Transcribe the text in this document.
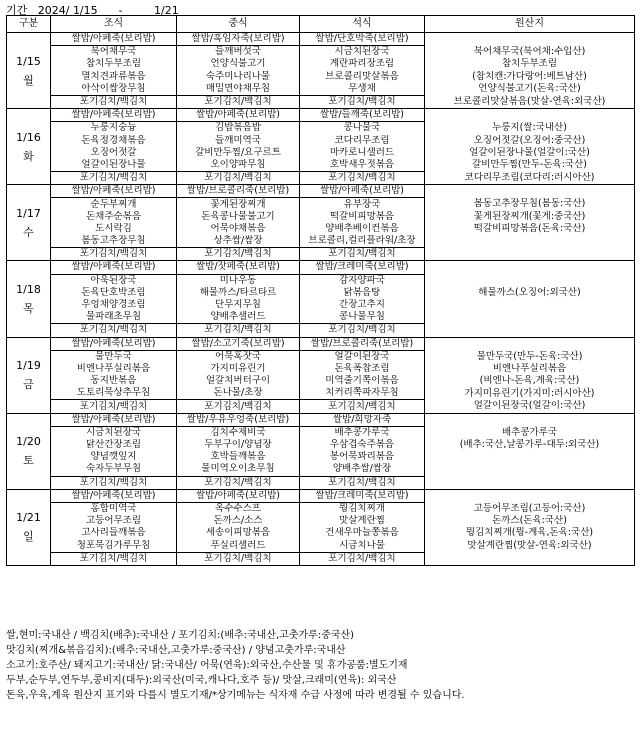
기간   2024/ 1/15      -         1/21
구분	조식	중식	석식	원산지
1/15
월	쌀밥/아페죽(보리밥)	쌀밥/흑임자죽(보리밥)	쌀밥/단호박죽(보리밥)	
	북어채무국	들깨버섯국	시금치된장국	북어채무국(북어채:수입산)
	참치두부조림	언양식불고기	계란파리장조림	참치두부조림
	멸치견과류볶음	숙주미나리나물	브로콜리맛살볶음	(참치캔:가다랑어:베트남산)
	아삭이쌈장무침	매밀면야채무침	무생채	언양식불고기(돈육:국산)
	포기김치/백김치	포기김치/백김치	포기김치/백김치	브로콜리맛살볶음(맛살-연육:외국산)
1/16
화	쌀밥/아페죽(보리밥)	쌀밥/아페죽(보리밥)	쌀밥/들깨죽(보리밥)	
	누룽지숭늉	김밥볶음밥	콩나물국	누룽지(쌀:국내산)
	돈육정경채볶음	들깨미역국	코다리무조림	오징어젓갈(오징어:중국산)
	오징어젓갈	갈비만두찜/요구르트	마카로니샐러드	얼갈이된장나물(얼갈이:국산)
	얼갈이된장나물	오이양파무침	호박새우젓볶음	갈비만두찜(만두-돈육:국산)
	포기김치/백김치	포기김치/백김치	포기김치/백김치	코다리무조림(코다리:러시아산)
1/17
수	쌀밥/아페죽(보리밥)	쌀밥/브로콜리죽(보리밥)	쌀밥/아페죽(보리밥)	
	순두부찌개	꽃게된장찌개	유부장국	봄동고추장무침(봄동:국산)
	돈채주순볶음	돈육콩나물불고기	떡갈비피망볶음	꽃게된장찌개(꽃게:중국산)
	도시락김	어묵야채볶음	양배추베이컨볶음	떡갈비피망볶음(돈육:국산)
	봄동고추장무침	상추쌈/쌈장	브로콜리,컬리플라워/초장	
	포기김치/백김치	포기김치/백김치	포기김치/백김치	
1/18
목	쌀밥/아페죽(보리밥)	쌀밥/잣페죽(보리밥)	쌀밥/크레미죽(보리밥)	
	아욱된장국	미나우동	감자양파국	
	돈육단호박조림	해물까스/타르타르	닭볶음탕	해물까스(오징어:외국산)
	우엉채양경조림	단무지무침	간장고추지	
	물파래초무침	양배추샐러드	콩나물무침	
	포기김치/백김치	포기김치/백김치	포기김치/백김치	
1/19
금	쌀밥/아페죽(보리밥)	쌀밥/소고기죽(보리밥)	쌀밥/브로콜리죽(보리밥)	
	물만두국	어묵혹잣국	얼갈이된장국	물만두국(만두-돈육:국산)
	비엔나푸실리볶음	가지미유린기	돈육폭찹조림	비엔나푸실리볶음
	동지반볶음	얼갈치버터구이	미역줄기쪽이볶음	(비엔나-돈육,계육:국산)
	도토리묵상추무침	돈나물/초장	치커리쪽파자무침	가지미유린기(가지미:러시아산)
	포기김치/백김치	포기김치/백김치	포기김치/백김치	얼갈이된장국(얼갈이:국산)
1/20
토	쌀밥/아페죽(보리밥)	쌀밥/우유우엉죽(보리밥)	쌀밥/희망자죽	
	시금치된장국	김치수제비국	배추콩가루국	배추콩가루국
	닭산간장조림	두부구이/양념장	우삼겹숙주볶음	(배추:국산,날콩가루-대두:외국산)
	양념깻잎지	호박들깨볶음	봉어묵꽈리볶음	
	숙자두부무침	물미역오이초무침	양배추쌈/쌈장	
	포기김치/백김치	포기김치/백김치	포기김치/백김치	
1/21
일	쌀밥/아페죽(보리밥)	쌀밥/아페죽(보리밥)	쌀밥/크레미죽(보리밥)	
	홍합미역국	옥수수스프	뭥김치찌개	고등어무조림(고등어:국산)
	고등어무조림	돈까스/소스	맛살계란찜	돈까스(돈육:국산)
	고사리들깨볶음	세송이피망볶음	건새우마늘쫑볶음	뭥김치찌개(뭥-계육,돈육:국산)
	청포묵김가루무침	푸실리샐러드	시금치나물	맛살계란찜(맛살-연육:외국산)
	포기김치/백김치	포기김치/백김치	포기김치/백김치	
쌀,현미:국내산 / 백김치(배추):국내산 / 포기김치:(배추:국내산,고춧가루:중국산)
맛김치(찌개&볶음김치):(배추:국내산,고춧가루:중국산) / 양념고춧가루:국내산
소고기:호주산/ 돼지고기:국내산/ 닭:국내산/ 어묵(연육):외국산,수산물 및 휴가공품:별도기재
두부,순두부,연두부,콩비지(대두):외국산(미국,캐나다,호주 등)/ 맛살,크래미(연육): 외국산
돈육,우육,계육 원산지 표기와 다를시 별도기재/*상기메뉴는 식자재 수급 사정에 따라 변경될 수 있습니다.
